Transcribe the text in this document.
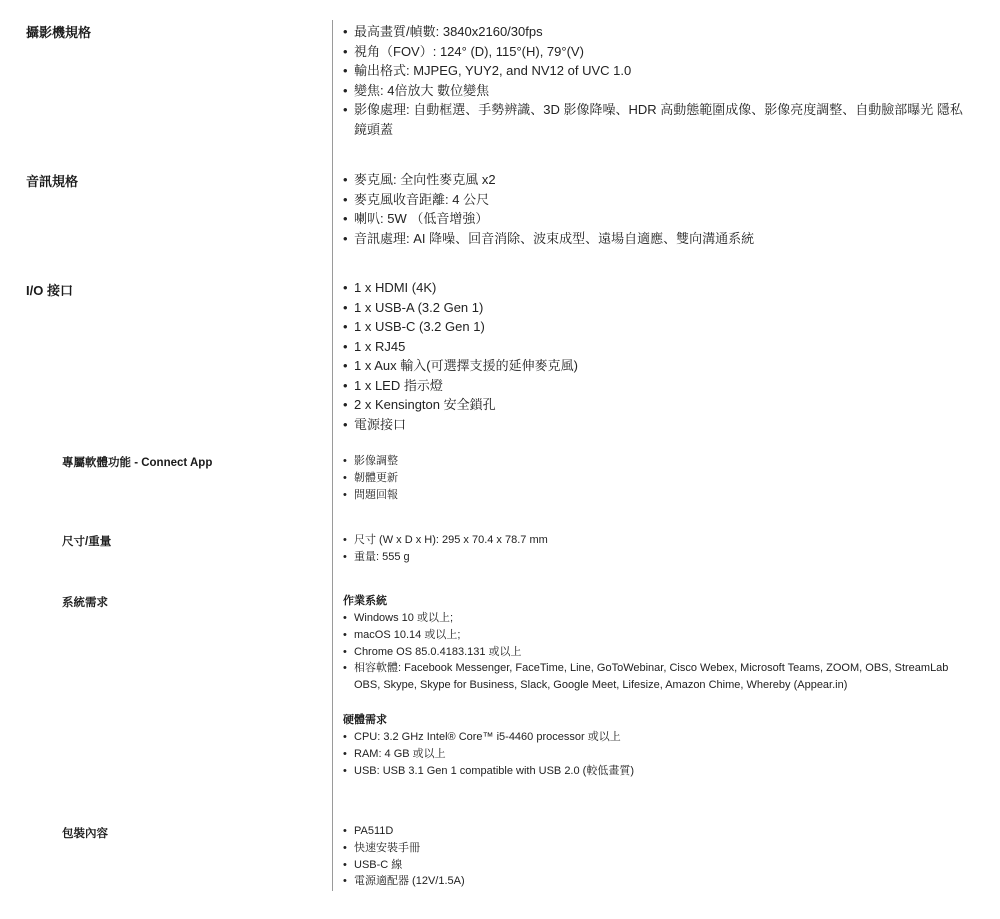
攝影機規格	• 最高畫質/幀數: 3840x2160/30fps
• 視角（FOV）: 124° (D), 115°(H), 79°(V)
• 輸出格式: MJPEG, YUY2, and NV12 of UVC 1.0
• 變焦: 4倍放大 數位變焦
• 影像處理: 自動框選、手勢辨識、3D 影像降噪、HDR 高動態範圍成像、影像亮度調整、自動臉部曝光 隱私鏡頭蓋
音訊規格	• 麥克風: 全向性麥克風 x2
• 麥克風收音距離: 4 公尺
• 喇叭: 5W （低音增強）
• 音訊處理: AI 降噪、回音消除、波束成型、遠場自適應、雙向溝通系統
I/O 接口	• 1 x HDMI (4K)
• 1 x USB-A (3.2 Gen 1)
• 1 x USB-C (3.2 Gen 1)
• 1 x RJ45
• 1 x Aux 輸入(可選擇支援的延伸麥克風)
• 1 x LED 指示燈
• 2 x Kensington 安全鎖孔
• 電源接口
專屬軟體功能 - Connect App	• 影像調整
• 韌體更新
• 問題回報
尺寸/重量	• 尺寸 (W x D x H): 295 x 70.4 x 78.7 mm
• 重量: 555 g
系統需求	作業系統
• Windows 10 或以上;
• macOS 10.14 或以上;
• Chrome OS 85.0.4183.131 或以上
• 相容軟體: Facebook Messenger, FaceTime, Line, GoToWebinar, Cisco Webex, Microsoft Teams, ZOOM, OBS, StreamLab OBS, Skype, Skype for Business, Slack, Google Meet, Lifesize, Amazon Chime, Whereby (Appear.in)
硬體需求
• CPU: 3.2 GHz Intel® Core™ i5-4460 processor 或以上
• RAM: 4 GB 或以上
• USB: USB 3.1 Gen 1 compatible with USB 2.0 (較低畫質)
包裝內容	• PA511D
• 快速安裝手冊
• USB-C 線
• 電源適配器 (12V/1.5A)
